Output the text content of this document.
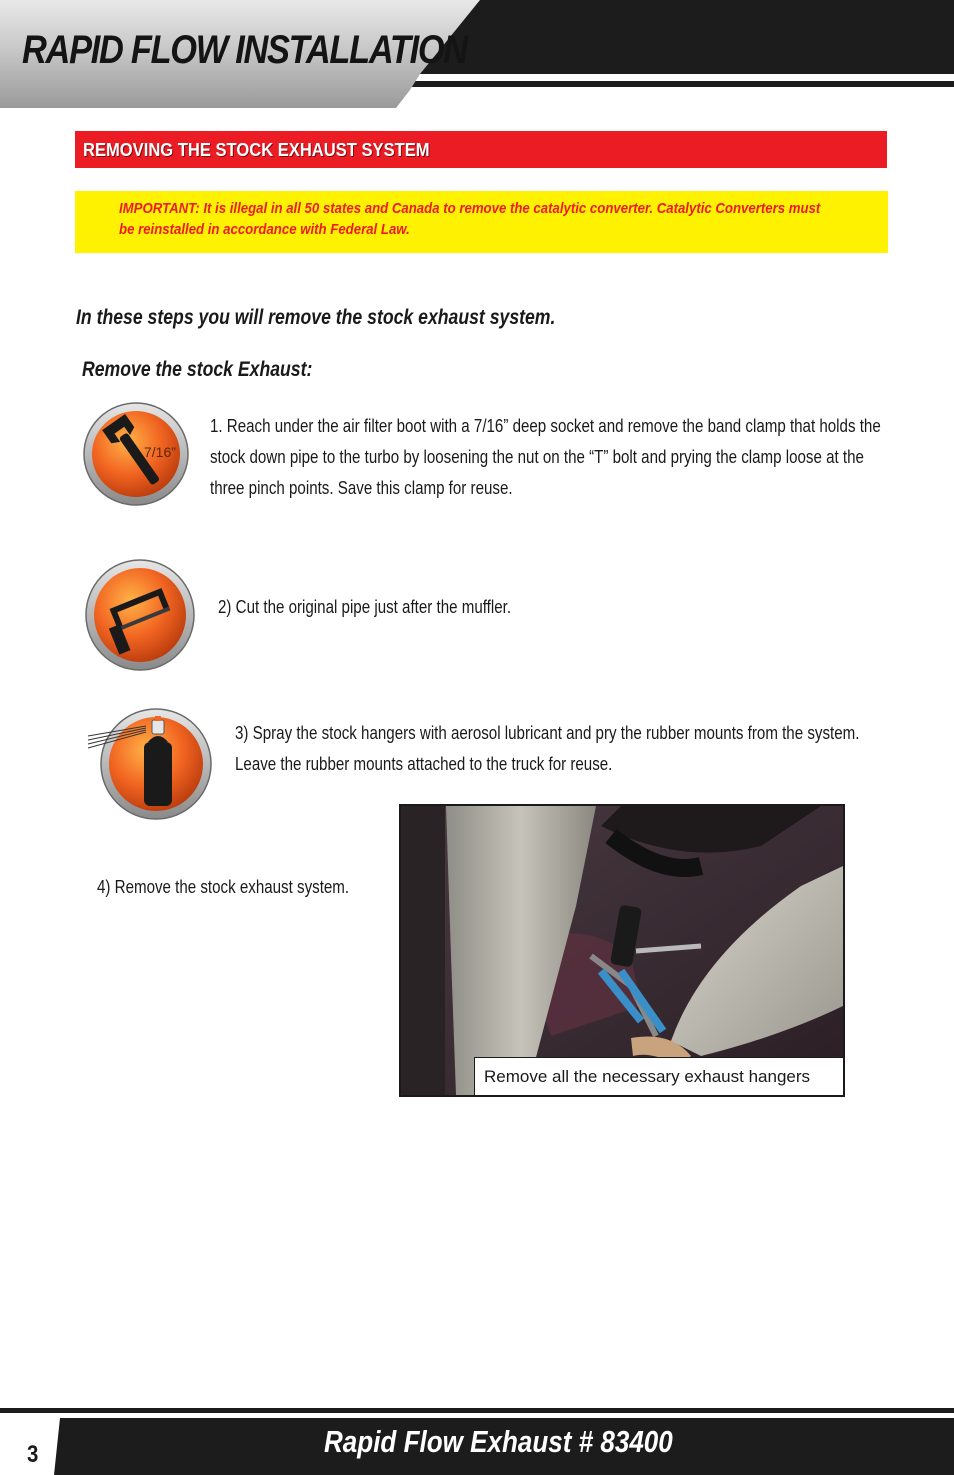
RAPID FLOW INSTALLATION
REMOVING THE STOCK EXHAUST SYSTEM

IMPORTANT: It is illegal in all 50 states and Canada to remove the catalytic converter. Catalytic Converters must be reinstalled in accordance with Federal Law.

In these steps you will remove the stock exhaust system.

Remove the stock Exhaust:

7/16”

1. Reach under the air filter boot with a 7/16” deep socket and remove the band clamp that holds the stock down pipe to the turbo by loosening the nut on the “T” bolt and prying the clamp loose at the three pinch points. Save this clamp for reuse.

2) Cut the original pipe just after the muffler.

3) Spray the stock hangers with aerosol lubricant and pry the rubber mounts from the system. Leave the rubber mounts attached to the truck for reuse.

4) Remove the stock exhaust system.

Remove all the necessary exhaust hangers

3	Rapid Flow Exhaust # 83400
